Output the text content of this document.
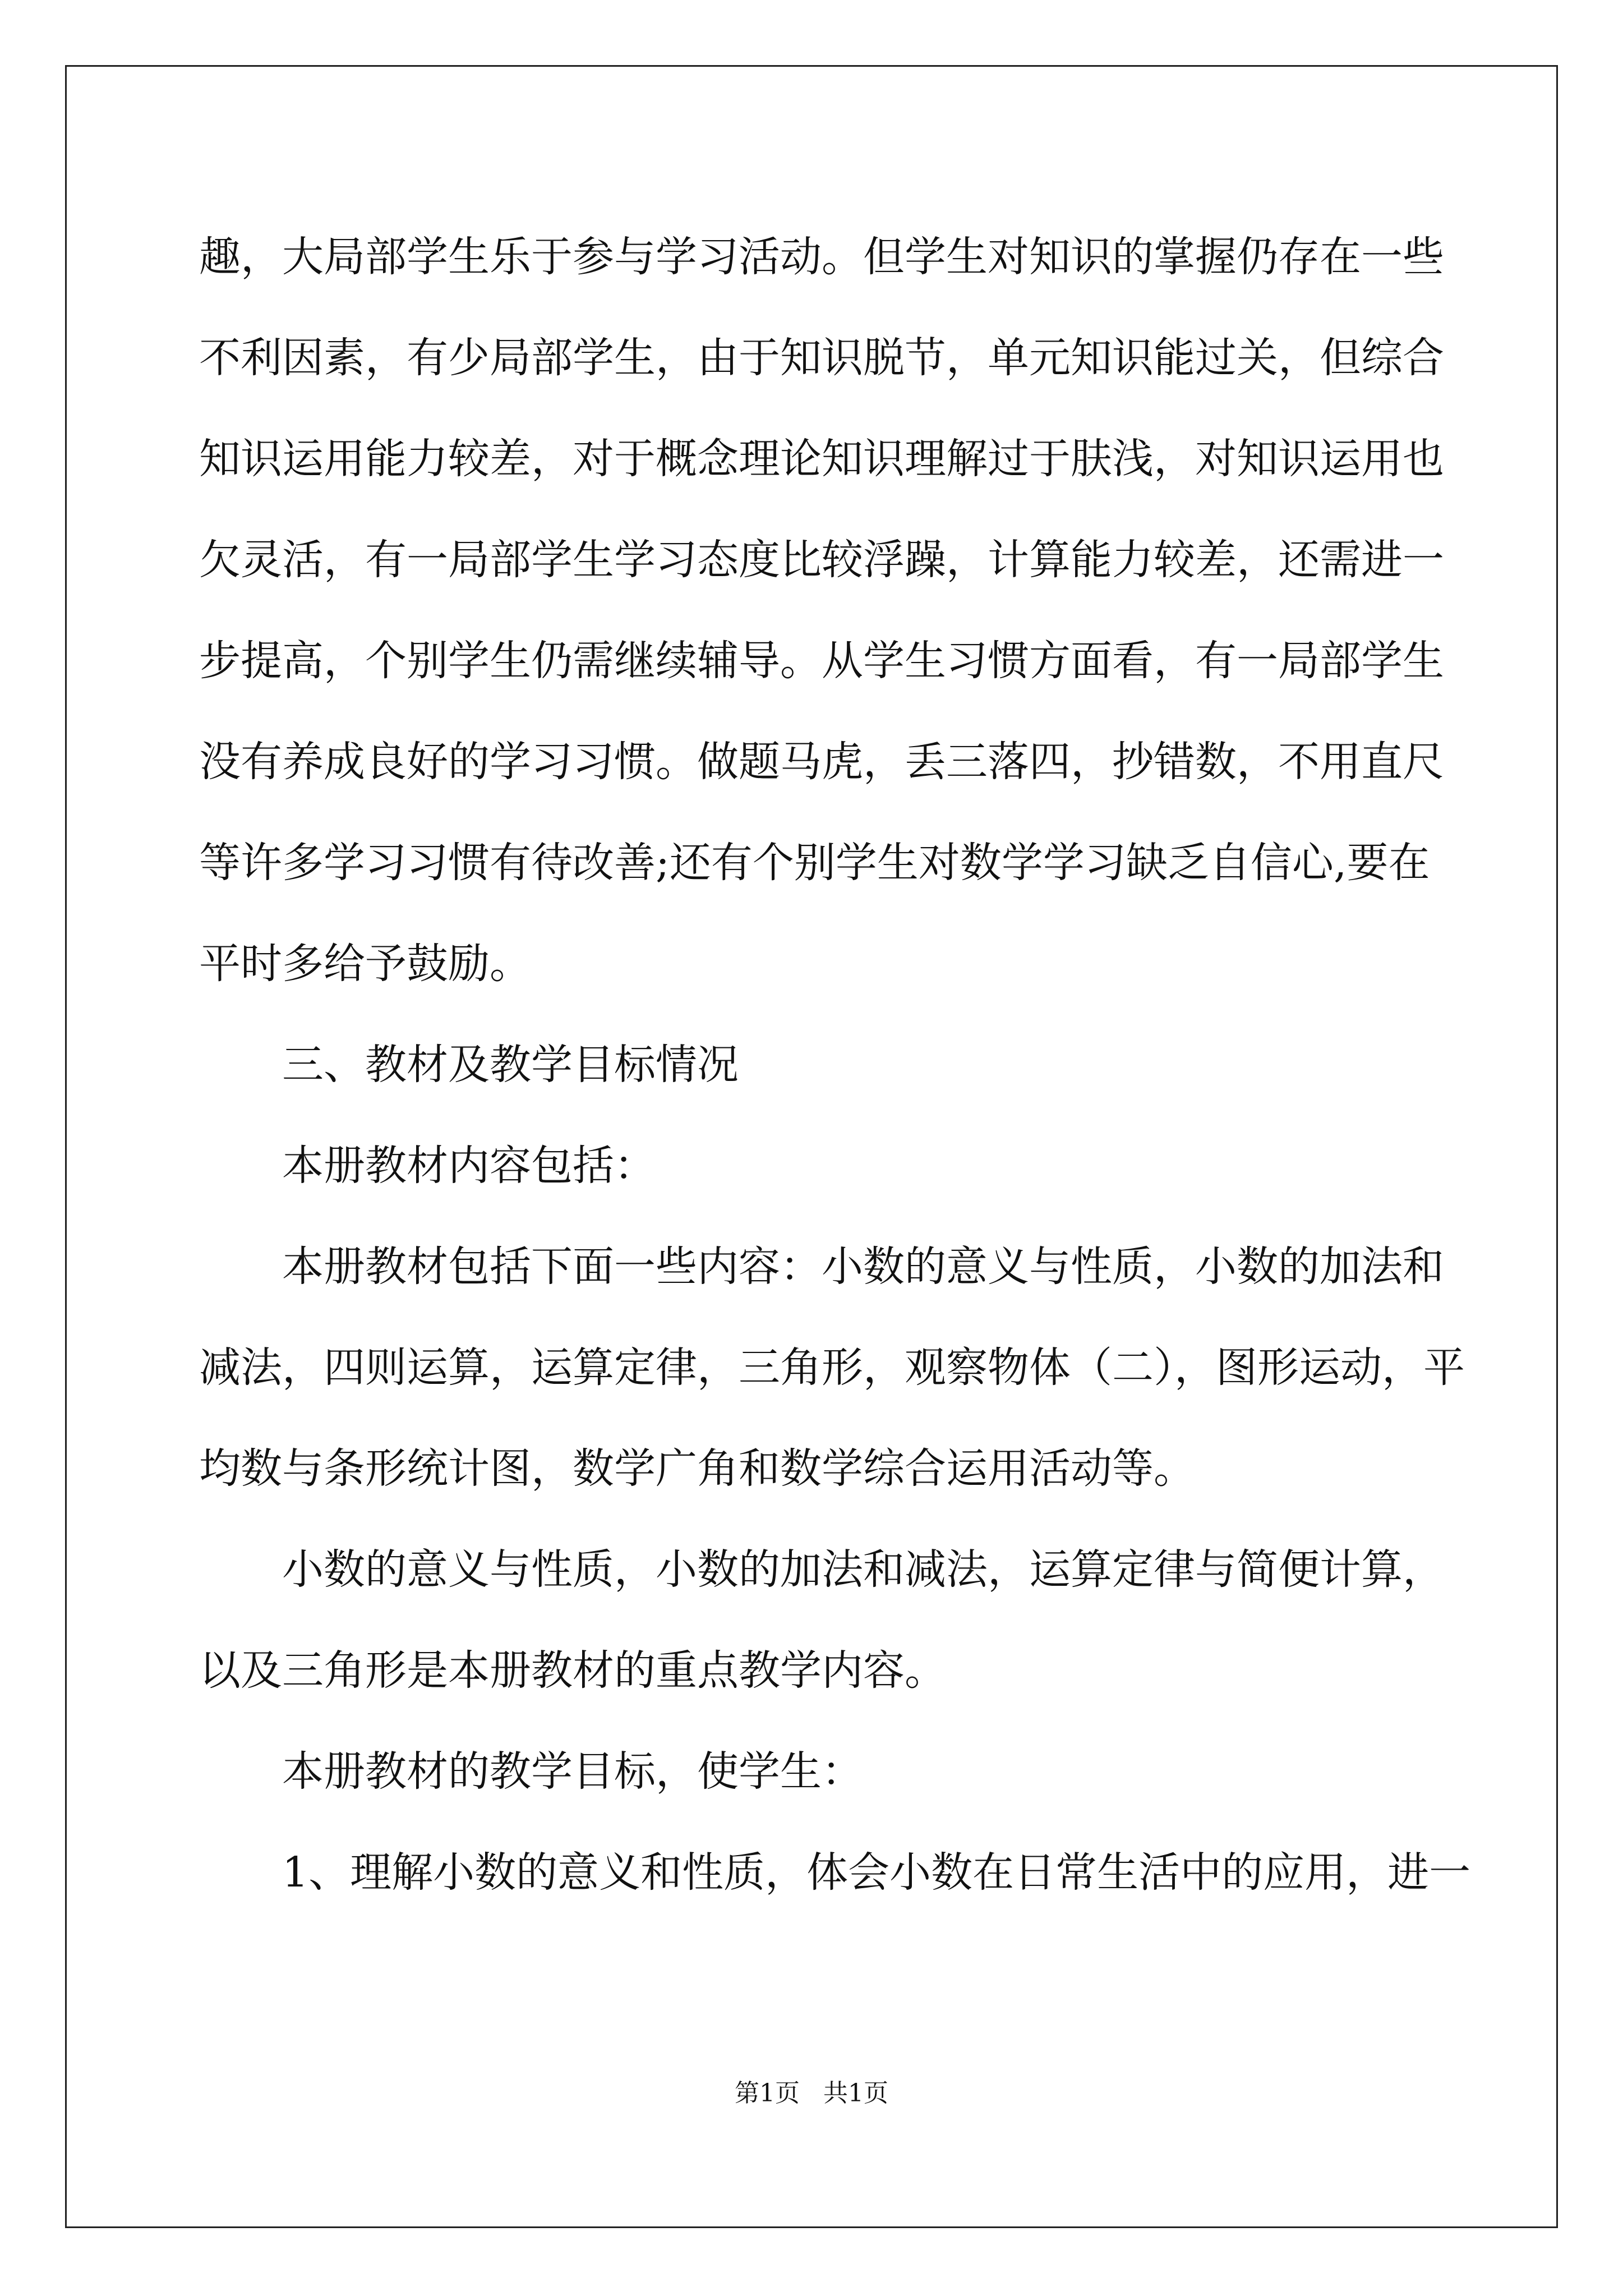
趣，大局部学生乐于参与学习活动。但学生对知识的掌握仍存在一些
不利因素，有少局部学生，由于知识脱节，单元知识能过关，但综合
知识运用能力较差，对于概念理论知识理解过于肤浅，对知识运用也
欠灵活，有一局部学生学习态度比较浮躁，计算能力较差，还需进一
步提高，个别学生仍需继续辅导。从学生习惯方面看，有一局部学生
没有养成良好的学习习惯。做题马虎，丢三落四，抄错数，不用直尺
等许多学习习惯有待改善;还有个别学生对数学学习缺乏自信心,要在
平时多给予鼓励。

三、教材及教学目标情况

本册教材内容包括：

本册教材包括下面一些内容：小数的意义与性质，小数的加法和
减法，四则运算，运算定律，三角形，观察物体（二），图形运动，平
均数与条形统计图，数学广角和数学综合运用活动等。

小数的意义与性质，小数的加法和减法，运算定律与简便计算，
以及三角形是本册教材的重点教学内容。

本册教材的教学目标，使学生：

1、理解小数的意义和性质，体会小数在日常生活中的应用，进一

第1页 共1页
